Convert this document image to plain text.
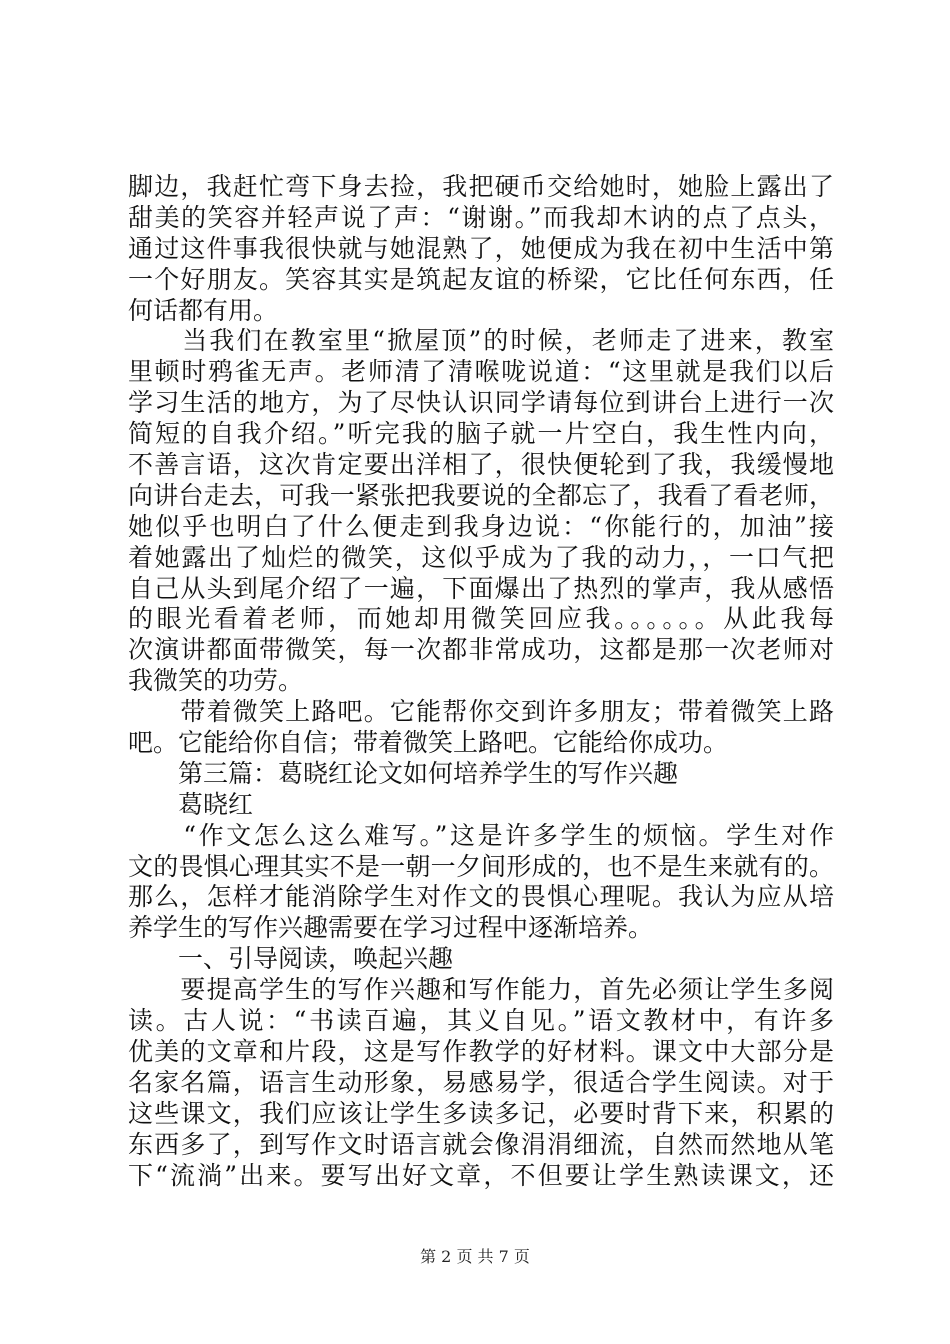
脚边，我赶忙弯下身去捡，我把硬币交给她时，她脸上露出了
甜美的笑容并轻声说了声：“谢谢。”而我却木讷的点了点头，
通过这件事我很快就与她混熟了，她便成为我在初中生活中第
一个好朋友。笑容其实是筑起友谊的桥梁，它比任何东西，任
何话都有用。
　　当我们在教室里“掀屋顶”的时候，老师走了进来，教室
里顿时鸦雀无声。老师清了清喉咙说道：“这里就是我们以后
学习生活的地方，为了尽快认识同学请每位到讲台上进行一次
简短的自我介绍。”听完我的脑子就一片空白，我生性内向，
不善言语，这次肯定要出洋相了，很快便轮到了我，我缓慢地
向讲台走去，可我一紧张把我要说的全都忘了，我看了看老师，
她似乎也明白了什么便走到我身边说：“你能行的，加油”接
着她露出了灿烂的微笑，这似乎成为了我的动力，，一口气把
自己从头到尾介绍了一遍，下面爆出了热烈的掌声，我从感悟
的眼光看着老师，而她却用微笑回应我。。。。。。从此我每
次演讲都面带微笑，每一次都非常成功，这都是那一次老师对
我微笑的功劳。
　　带着微笑上路吧。它能帮你交到许多朋友；带着微笑上路
吧。它能给你自信；带着微笑上路吧。它能给你成功。
　　第三篇：葛晓红论文如何培养学生的写作兴趣
　　葛晓红
　　“作文怎么这么难写。”这是许多学生的烦恼。学生对作
文的畏惧心理其实不是一朝一夕间形成的，也不是生来就有的。
那么，怎样才能消除学生对作文的畏惧心理呢。我认为应从培
养学生的写作兴趣需要在学习过程中逐渐培养。
　　一、引导阅读，唤起兴趣
　　要提高学生的写作兴趣和写作能力，首先必须让学生多阅
读。古人说：“书读百遍，其义自见。”语文教材中，有许多
优美的文章和片段，这是写作教学的好材料。课文中大部分是
名家名篇，语言生动形象，易感易学，很适合学生阅读。对于
这些课文，我们应该让学生多读多记，必要时背下来，积累的
东西多了，到写作文时语言就会像涓涓细流，自然而然地从笔
下“流淌”出来。要写出好文章，不但要让学生熟读课文，还
第 2 页 共 7 页
